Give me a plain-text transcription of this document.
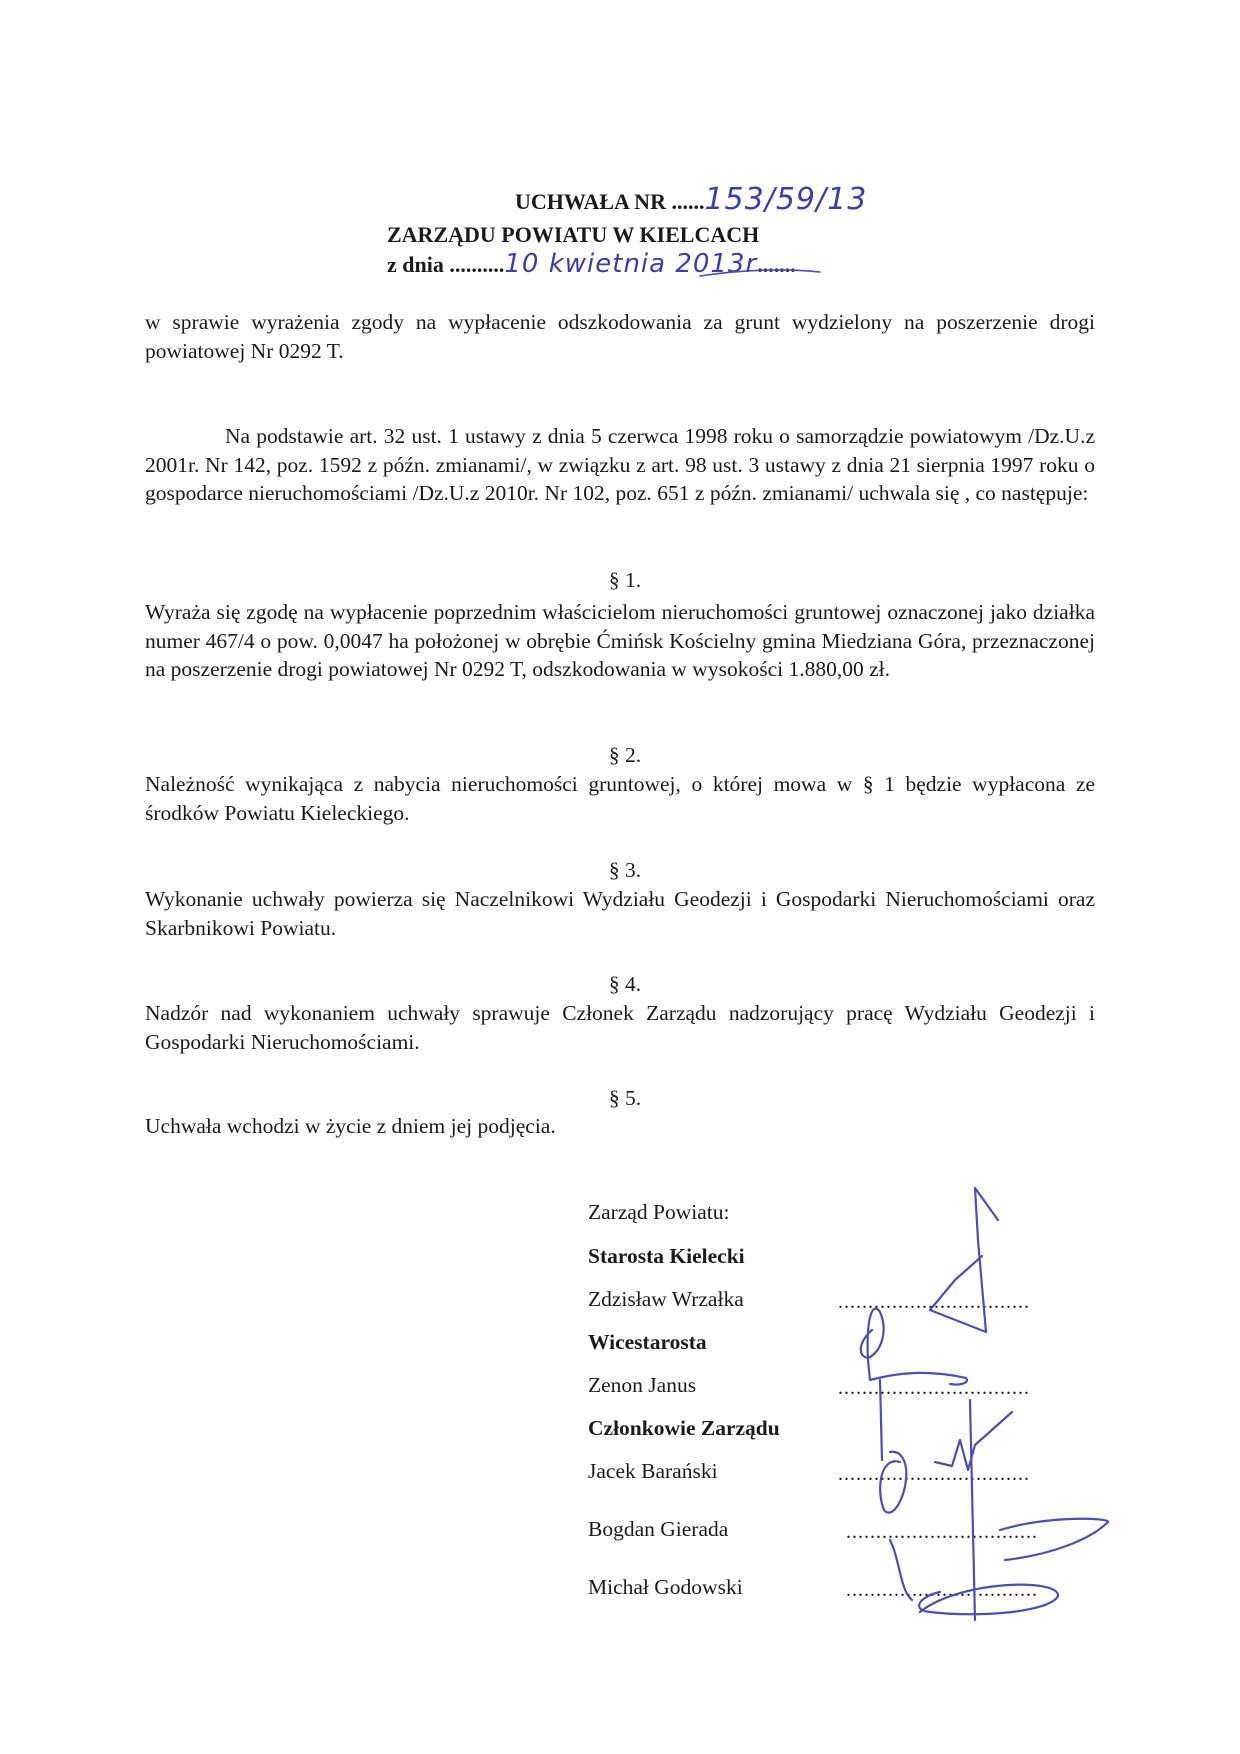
UCHWAŁA NR ......153/59/13
ZARZĄDU POWIATU W KIELCACH
z dnia ..........10 kwietnia 2013r.......
w sprawie wyrażenia zgody na wypłacenie odszkodowania za grunt wydzielony na poszerzenie drogi powiatowej Nr 0292 T.
Na podstawie art. 32 ust. 1 ustawy z dnia 5 czerwca 1998 roku o samorządzie powiatowym /Dz.U.z 2001r. Nr 142, poz. 1592 z późn. zmianami/, w związku z art. 98 ust. 3 ustawy z dnia 21 sierpnia 1997 roku o gospodarce nieruchomościami /Dz.U.z 2010r. Nr 102, poz. 651 z późn. zmianami/ uchwala się , co następuje:
§ 1.
Wyraża się zgodę na wypłacenie poprzednim właścicielom nieruchomości gruntowej oznaczonej jako działka numer 467/4 o pow. 0,0047 ha położonej w obrębie Ćmińsk Kościelny gmina Miedziana Góra, przeznaczonej na poszerzenie drogi powiatowej Nr 0292 T, odszkodowania w wysokości 1.880,00 zł.
§ 2.
Należność wynikająca z nabycia nieruchomości gruntowej, o której mowa w § 1 będzie wypłacona ze środków Powiatu Kieleckiego.
§ 3.
Wykonanie uchwały powierza się Naczelnikowi Wydziału Geodezji i Gospodarki Nieruchomościami oraz Skarbnikowi Powiatu.
§ 4.
Nadzór nad wykonaniem uchwały sprawuje Członek Zarządu nadzorujący pracę Wydziału Geodezji i Gospodarki Nieruchomościami.
§ 5.
Uchwała wchodzi w życie z dniem jej podjęcia.
Zarząd Powiatu:
Starosta Kielecki
Zdzisław Wrzałka	................................
Wicestarosta
Zenon Janus	................................
Członkowie Zarządu
Jacek Barański	................................
Bogdan Gierada	................................
Michał Godowski	................................
